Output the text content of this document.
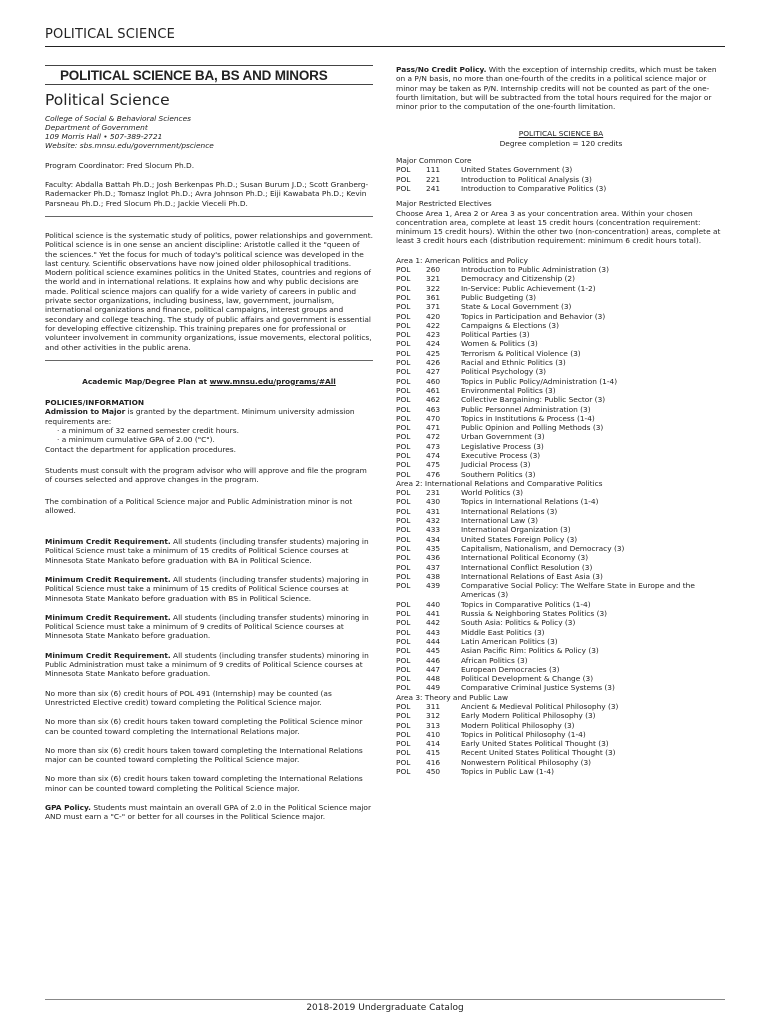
POLITICAL SCIENCE
POLITICAL SCIENCE BA, BS AND MINORS
Political Science

College of Social & Behavioral Sciences

Department of Government

109 Morris Hall • 507-389-2721

Website: sbs.mnsu.edu/government/pscience

Program Coordinator: Fred Slocum Ph.D.

Faculty: Abdalla Battah Ph.D.; Josh Berkenpas Ph.D.; Susan Burum J.D.; Scott Granberg-Rademacker Ph.D.; Tomasz Inglot Ph.D.; Avra Johnson Ph.D.; Eiji Kawabata Ph.D.; Kevin Parsneau Ph.D.; Fred Slocum Ph.D.; Jackie Vieceli Ph.D.

Political science is the systematic study of politics, power relationships and government. Political science is in one sense an ancient discipline: Aristotle called it the "queen of the sciences." Yet the focus for much of today's political science was developed in the last century. Scientific observations have now joined older philosophical traditions. Modern political science examines politics in the United States, countries and regions of the world and in international relations. It explains how and why public decisions are made. Political science majors can qualify for a wide variety of careers in public and private sector organizations, including business, law, government, journalism, international organizations and finance, political campaigns, interest groups and secondary and college teaching. The study of public affairs and government is essential for developing effective citizenship. This training prepares one for professional or volunteer involvement in community organizations, issue movements, electoral politics, and other activities in the public arena.

Academic Map/Degree Plan at www.mnsu.edu/programs/#All

POLICIES/INFORMATION

Admission to Major is granted by the department. Minimum university admission requirements are:

· a minimum of 32 earned semester credit hours.

· a minimum cumulative GPA of 2.00 ("C").

Contact the department for application procedures.

Students must consult with the program advisor who will approve and file the program of courses selected and approve changes in the program.

The combination of a Political Science major and Public Administration minor is not allowed.

Minimum Credit Requirement. All students (including transfer students) majoring in Political Science must take a minimum of 15 credits of Political Science courses at Minnesota State Mankato before graduation with BA in Political Science.

Minimum Credit Requirement. All students (including transfer students) majoring in Political Science must take a minimum of 15 credits of Political Science courses at Minnesota State Mankato before graduation with BS in Political Science.

Minimum Credit Requirement. All students (including transfer students) minoring in Political Science must take a minimum of 9 credits of Political Science courses at Minnesota State Mankato before graduation.

Minimum Credit Requirement. All students (including transfer students) minoring in Public Administration must take a minimum of 9 credits of Political Science courses at Minnesota State Mankato before graduation.

No more than six (6) credit hours of POL 491 (Internship) may be counted (as Unrestricted Elective credit) toward completing the Political Science major.

No more than six (6) credit hours taken toward completing the Political Science minor can be counted toward completing the International Relations major.

No more than six (6) credit hours taken toward completing the International Relations major can be counted toward completing the Political Science major.

No more than six (6) credit hours taken toward completing the International Relations minor can be counted toward completing the Political Science major.

GPA Policy. Students must maintain an overall GPA of 2.0 in the Political Science major AND must earn a "C-" or better for all courses in the Political Science major.

Pass/No Credit Policy. With the exception of internship credits, which must be taken on a P/N basis, no more than one-fourth of the credits in a political science major or minor may be taken as P/N. Internship credits will not be counted as part of the one-fourth limitation, but will be subtracted from the total hours required for the major or minor prior to the computation of the one-fourth limitation.

POLITICAL SCIENCE BA

Degree completion = 120 credits

Major Common Core

POL	111	United States Government (3)
POL	221	Introduction to Political Analysis (3)
POL	241	Introduction to Comparative Politics (3)

Major Restricted Electives

Choose Area 1, Area 2 or Area 3 as your concentration area. Within your chosen concentration area, complete at least 15 credit hours (concentration requirement: minimum 15 credit hours). Within the other two (non-concentration) areas, complete at least 3 credit hours each (distribution requirement: minimum 6 credit hours total).

Area 1: American Politics and Policy

POL	260	Introduction to Public Administration (3)
POL	321	Democracy and Citizenship (2)
POL	322	In-Service: Public Achievement (1-2)
POL	361	Public Budgeting (3)
POL	371	State & Local Government (3)
POL	420	Topics in Participation and Behavior (3)
POL	422	Campaigns & Elections (3)
POL	423	Political Parties (3)
POL	424	Women & Politics (3)
POL	425	Terrorism & Political Violence (3)
POL	426	Racial and Ethnic Politics (3)
POL	427	Political Psychology (3)
POL	460	Topics in Public Policy/Administration (1-4)
POL	461	Environmental Politics (3)
POL	462	Collective Bargaining: Public Sector (3)
POL	463	Public Personnel Administration (3)
POL	470	Topics in Institutions & Process (1-4)
POL	471	Public Opinion and Polling Methods (3)
POL	472	Urban Government (3)
POL	473	Legislative Process (3)
POL	474	Executive Process (3)
POL	475	Judicial Process (3)
POL	476	Southern Politics (3)

Area 2: International Relations and Comparative Politics

POL	231	World Politics (3)
POL	430	Topics in International Relations (1-4)
POL	431	International Relations (3)
POL	432	International Law (3)
POL	433	International Organization (3)
POL	434	United States Foreign Policy (3)
POL	435	Capitalism, Nationalism, and Democracy (3)
POL	436	International Political Economy (3)
POL	437	International Conflict Resolution (3)
POL	438	International Relations of East Asia (3)
POL	439	Comparative Social Policy: The Welfare State in Europe and the Americas (3)
POL	440	Topics in Comparative Politics (1-4)
POL	441	Russia & Neighboring States Politics (3)
POL	442	South Asia: Politics & Policy (3)
POL	443	Middle East Politics (3)
POL	444	Latin American Politics (3)
POL	445	Asian Pacific Rim: Politics & Policy (3)
POL	446	African Politics (3)
POL	447	European Democracies (3)
POL	448	Political Development & Change (3)
POL	449	Comparative Criminal Justice Systems (3)

Area 3: Theory and Public Law

POL	311	Ancient & Medieval Political Philosophy (3)
POL	312	Early Modern Political Philosophy (3)
POL	313	Modern Political Philosophy (3)
POL	410	Topics in Political Philosophy (1-4)
POL	414	Early United States Political Thought (3)
POL	415	Recent United States Political Thought (3)
POL	416	Nonwestern Political Philosophy (3)
POL	450	Topics in Public Law (1-4)
2018-2019 Undergraduate Catalog
